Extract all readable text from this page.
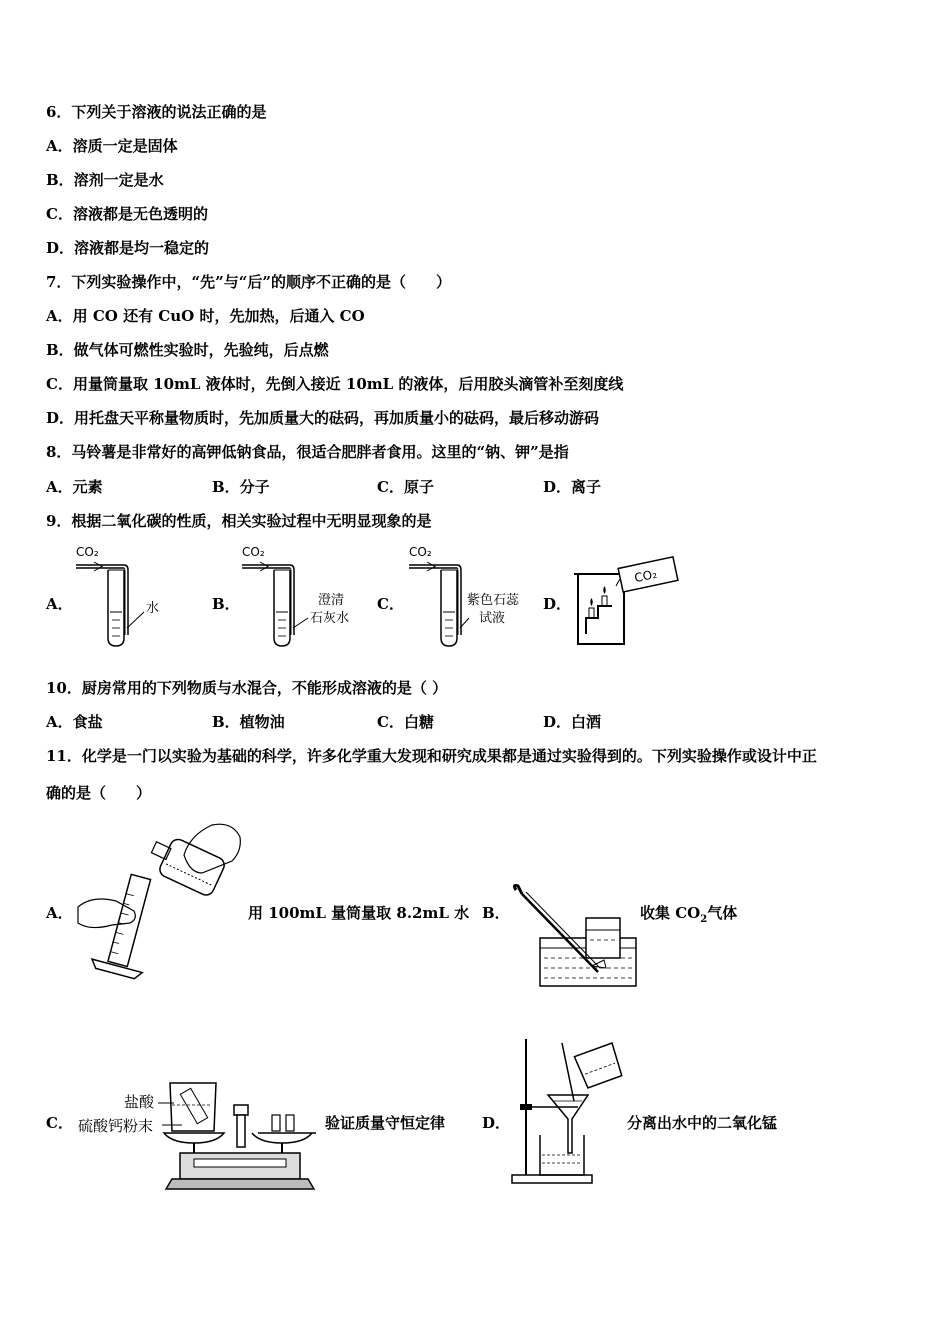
6．下列关于溶液的说法正确的是
A．溶质一定是固体
B．溶剂一定是水
C．溶液都是无色透明的
D．溶液都是均一稳定的
7．下列实验操作中，“先”与“后”的顺序不正确的是（　　）
A．用 CO 还有 CuO 时，先加热，后通入 CO
B．做气体可燃性实验时，先验纯，后点燃
C．用量筒量取 10mL 液体时，先倒入接近 10mL 的液体，后用胶头滴管补至刻度线
D．用托盘天平称量物质时，先加质量大的砝码，再加质量小的砝码，最后移动游码
8．马铃薯是非常好的高钾低钠食品，很适合肥胖者食用。这里的“钠、钾”是指
A．元素	B．分子	C．原子	D．离子
9．根据二氧化碳的性质，相关实验过程中无明显现象的是
A．
CO₂
水	B．
CO₂
澄清
石灰水
C．
CO₂
紫色石蕊
试液
D．
CO₂
10．厨房常用的下列物质与水混合，不能形成溶液的是（ ）
A．食盐	B．植物油	C．白糖	D．白酒
11．化学是一门以实验为基础的科学，许多化学重大发现和研究成果都是通过实验得到的。下列实验操作或设计中正
确的是（　　）
A．	用 100mL 量筒量取 8.2mL 水 B．	收集 $CO_2$气体
C．
盐酸
硫酸钙粉末	验证质量守恒定律 D．	分离出水中的二氧化锰
